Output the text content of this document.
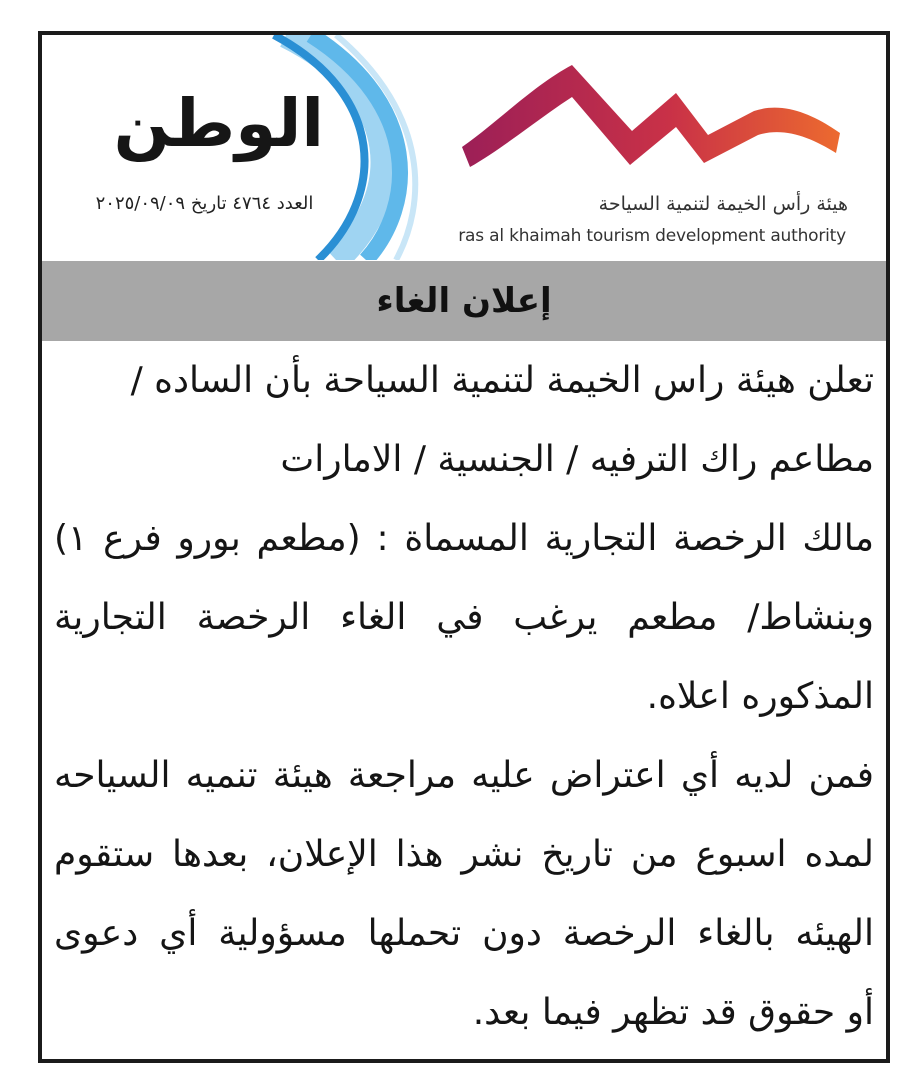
الوطن
العدد ٤٧٦٤ تاريخ ٢٠٢٥/٠٩/٠٩	هيئة رأس الخيمة لتنمية السياحة
ras al khaimah tourism development authority
إعلان الغاء
تعلن هيئة راس الخيمة لتنمية السياحة بأن الساده /
مطاعم راك الترفيه / الجنسية / الامارات
مالك الرخصة التجارية المسماة : (مطعم بورو فرع ١)
وبنشاط/ مطعم يرغب في الغاء الرخصة التجارية
المذكوره اعلاه.
فمن لديه أي اعتراض عليه مراجعة هيئة تنميه السياحه
لمده اسبوع من تاريخ نشر هذا الإعلان، بعدها ستقوم
الهيئه بالغاء الرخصة دون تحملها مسؤولية أي دعوى
أو حقوق قد تظهر فيما بعد.
